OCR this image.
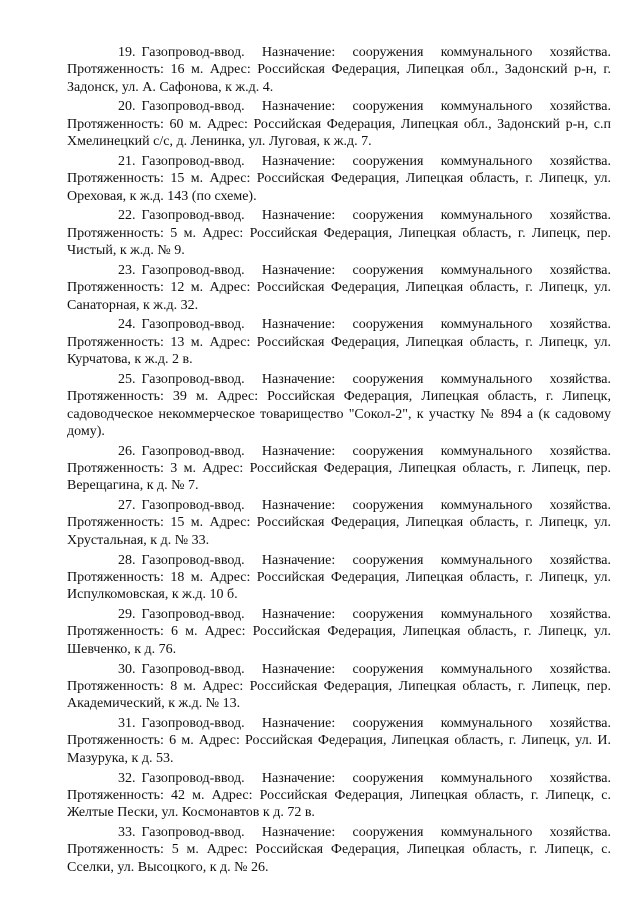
19. Газопровод-ввод. Назначение: сооружения коммунального хозяйства. Протяженность: 16 м. Адрес: Российская Федерация, Липецкая обл., Задонский р-н, г. Задонск, ул. А. Сафонова, к ж.д. 4.

20. Газопровод-ввод. Назначение: сооружения коммунального хозяйства. Протяженность: 60 м. Адрес: Российская Федерация, Липецкая обл., Задонский р-н, с.п Хмелинецкий с/с, д. Ленинка, ул. Луговая, к ж.д. 7.

21. Газопровод-ввод. Назначение: сооружения коммунального хозяйства. Протяженность: 15 м. Адрес: Российская Федерация, Липецкая область, г. Липецк, ул. Ореховая, к ж.д. 143 (по схеме).

22. Газопровод-ввод. Назначение: сооружения коммунального хозяйства. Протяженность: 5 м. Адрес: Российская Федерация, Липецкая область, г. Липецк, пер. Чистый, к ж.д. № 9.

23. Газопровод-ввод. Назначение: сооружения коммунального хозяйства. Протяженность: 12 м. Адрес: Российская Федерация, Липецкая область, г. Липецк, ул. Санаторная, к ж.д. 32.

24. Газопровод-ввод. Назначение: сооружения коммунального хозяйства. Протяженность: 13 м. Адрес: Российская Федерация, Липецкая область, г. Липецк, ул. Курчатова, к ж.д. 2 в.

25. Газопровод-ввод. Назначение: сооружения коммунального хозяйства. Протяженность: 39 м. Адрес: Российская Федерация, Липецкая область, г. Липецк, садоводческое некоммерческое товарищество "Сокол-2", к участку № 894 а (к садовому дому).

26. Газопровод-ввод. Назначение: сооружения коммунального хозяйства. Протяженность: 3 м. Адрес: Российская Федерация, Липецкая область, г. Липецк, пер. Верещагина, к д. № 7.

27. Газопровод-ввод. Назначение: сооружения коммунального хозяйства. Протяженность: 15 м. Адрес: Российская Федерация, Липецкая область, г. Липецк, ул. Хрустальная, к д. № 33.

28. Газопровод-ввод. Назначение: сооружения коммунального хозяйства. Протяженность: 18 м. Адрес: Российская Федерация, Липецкая область, г. Липецк, ул. Испулкомовская, к ж.д. 10 б.

29. Газопровод-ввод. Назначение: сооружения коммунального хозяйства. Протяженность: 6 м. Адрес: Российская Федерация, Липецкая область, г. Липецк, ул. Шевченко, к д. 76.

30. Газопровод-ввод. Назначение: сооружения коммунального хозяйства. Протяженность: 8 м. Адрес: Российская Федерация, Липецкая область, г. Липецк, пер. Академический, к ж.д. № 13.

31. Газопровод-ввод. Назначение: сооружения коммунального хозяйства. Протяженность: 6 м. Адрес: Российская Федерация, Липецкая область, г. Липецк, ул. И. Мазурука, к д. 53.

32. Газопровод-ввод. Назначение: сооружения коммунального хозяйства. Протяженность: 42 м. Адрес: Российская Федерация, Липецкая область, г. Липецк, с. Желтые Пески, ул. Космонавтов к д. 72 в.

33. Газопровод-ввод. Назначение: сооружения коммунального хозяйства. Протяженность: 5 м. Адрес: Российская Федерация, Липецкая область, г. Липецк, с. Сселки, ул. Высоцкого, к д. № 26.
